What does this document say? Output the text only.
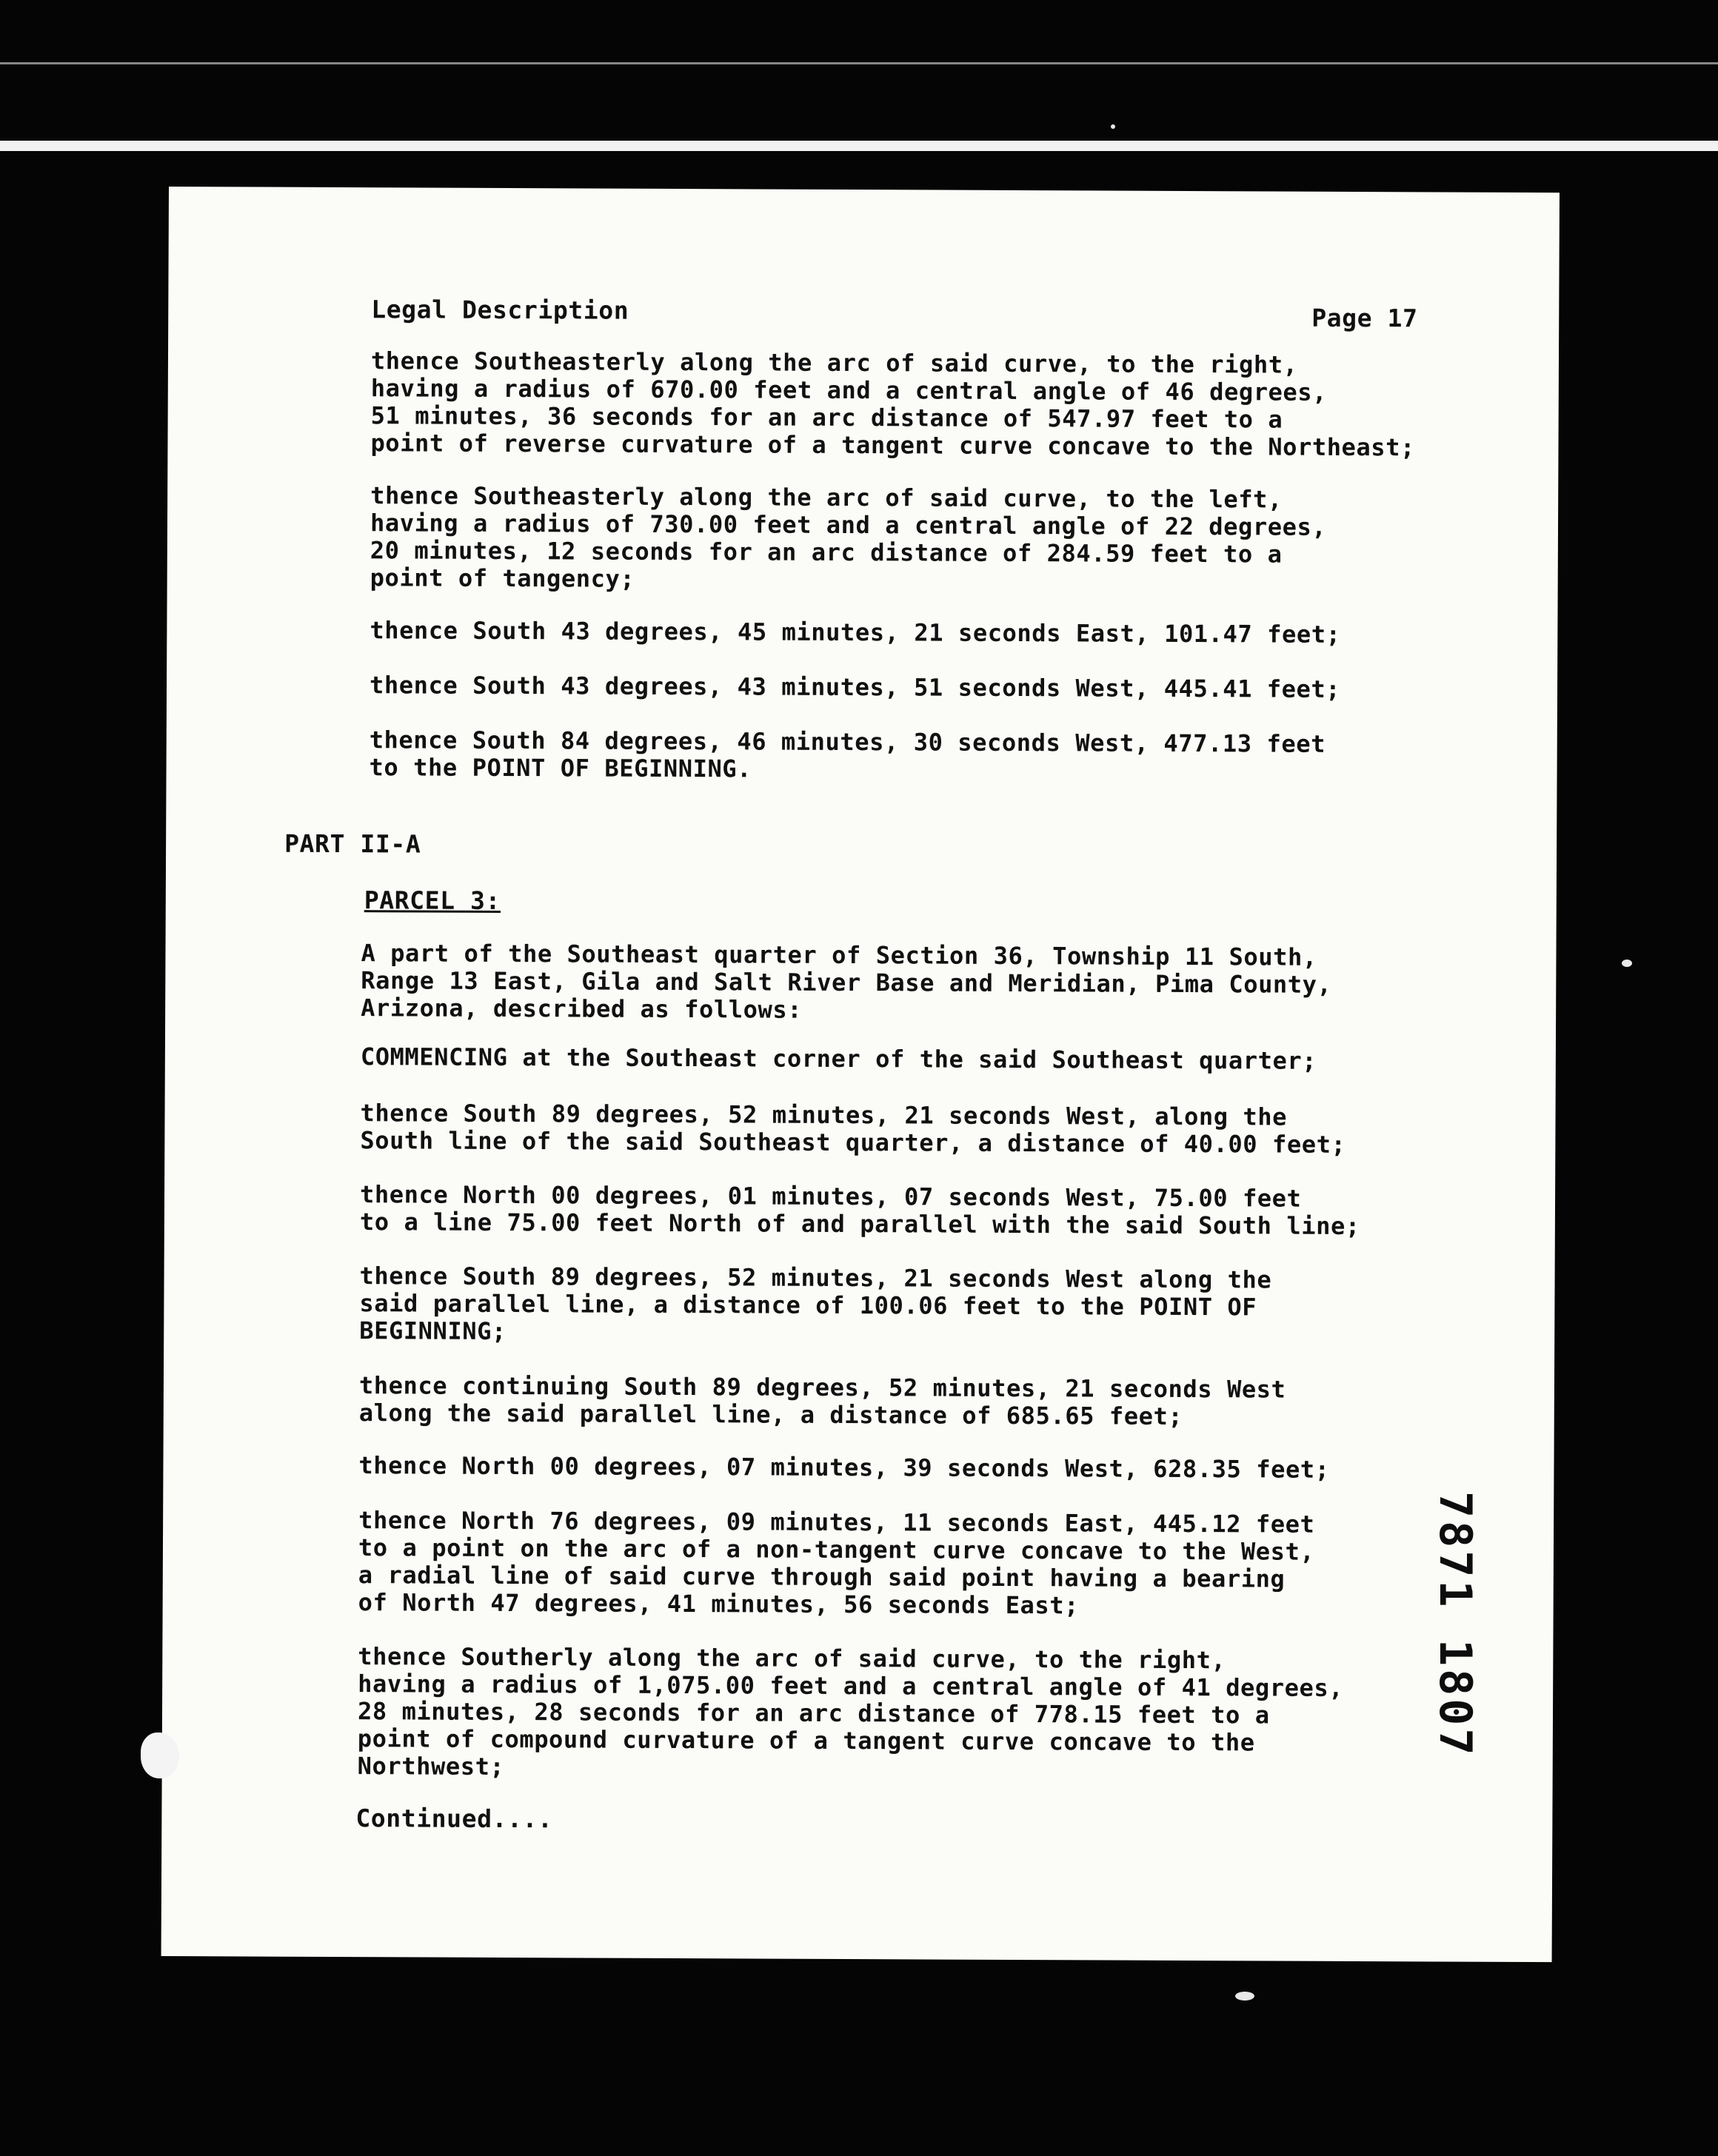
Legal Description	Page 17
thence Southeasterly along the arc of said curve, to the right,
having a radius of 670.00 feet and a central angle of 46 degrees,
51 minutes, 36 seconds for an arc distance of 547.97 feet to a
point of reverse curvature of a tangent curve concave to the Northeast;
thence Southeasterly along the arc of said curve, to the left,
having a radius of 730.00 feet and a central angle of 22 degrees,
20 minutes, 12 seconds for an arc distance of 284.59 feet to a
point of tangency;
thence South 43 degrees, 45 minutes, 21 seconds East, 101.47 feet;
thence South 43 degrees, 43 minutes, 51 seconds West, 445.41 feet;
thence South 84 degrees, 46 minutes, 30 seconds West, 477.13 feet
to the POINT OF BEGINNING.
PART II-A
PARCEL 3:
A part of the Southeast quarter of Section 36, Township 11 South,
Range 13 East, Gila and Salt River Base and Meridian, Pima County,
Arizona, described as follows:
COMMENCING at the Southeast corner of the said Southeast quarter;
thence South 89 degrees, 52 minutes, 21 seconds West, along the
South line of the said Southeast quarter, a distance of 40.00 feet;
thence North 00 degrees, 01 minutes, 07 seconds West, 75.00 feet
to a line 75.00 feet North of and parallel with the said South line;
thence South 89 degrees, 52 minutes, 21 seconds West along the
said parallel line, a distance of 100.06 feet to the POINT OF
BEGINNING;
thence continuing South 89 degrees, 52 minutes, 21 seconds West
along the said parallel line, a distance of 685.65 feet;
thence North 00 degrees, 07 minutes, 39 seconds West, 628.35 feet;
thence North 76 degrees, 09 minutes, 11 seconds East, 445.12 feet
to a point on the arc of a non-tangent curve concave to the West,
a radial line of said curve through said point having a bearing
of North 47 degrees, 41 minutes, 56 seconds East;
thence Southerly along the arc of said curve, to the right,
having a radius of 1,075.00 feet and a central angle of 41 degrees,
28 minutes, 28 seconds for an arc distance of 778.15 feet to a
point of compound curvature of a tangent curve concave to the
Northwest;
Continued....
7871
1807
